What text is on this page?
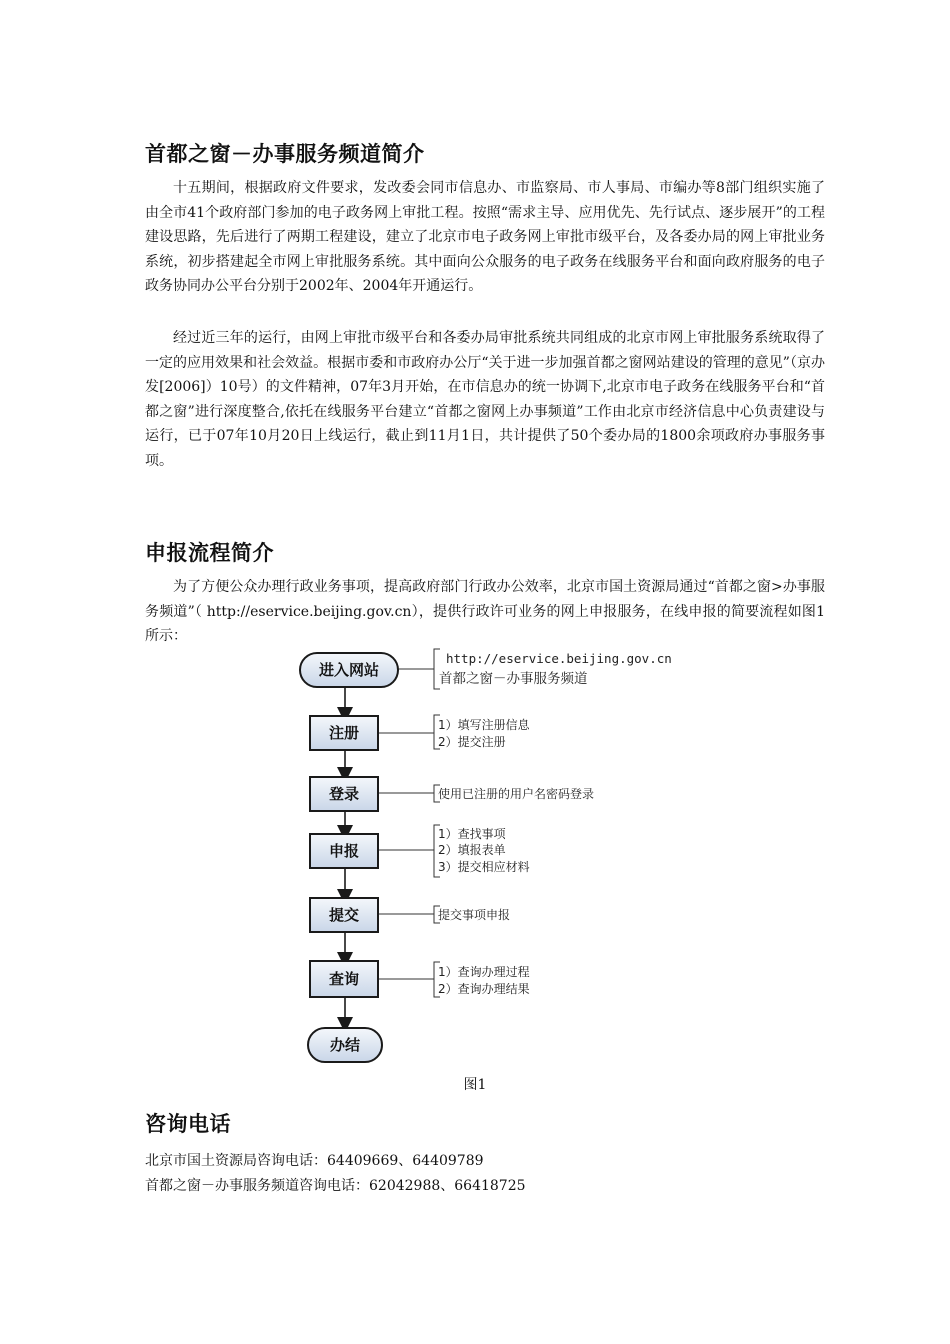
首都之窗－办事服务频道简介

十五期间，根据政府文件要求，发改委会同市信息办、市监察局、市人事局、市编办等8部门组织实施了由全市41个政府部门参加的电子政务网上审批工程。按照“需求主导、应用优先、先行试点、逐步展开”的工程建设思路，先后进行了两期工程建设，建立了北京市电子政务网上审批市级平台，及各委办局的网上审批业务系统，初步搭建起全市网上审批服务系统。其中面向公众服务的电子政务在线服务平台和面向政府服务的电子政务协同办公平台分别于2002年、2004年开通运行。

经过近三年的运行，由网上审批市级平台和各委办局审批系统共同组成的北京市网上审批服务系统取得了一定的应用效果和社会效益。根据市委和市政府办公厅“关于进一步加强首都之窗网站建设的管理的意见”（京办发[2006]）10号）的文件精神，07年3月开始，在市信息办的统一协调下,北京市电子政务在线服务平台和“首都之窗”进行深度整合,依托在线服务平台建立“首都之窗网上办事频道”工作由北京市经济信息中心负责建设与运行，已于07年10月20日上线运行，截止到11月1日，共计提供了50个委办局的1800余项政府办事服务事项。

申报流程简介

为了方便公众办理行政业务事项，提高政府部门行政办公效率，北京市国土资源局通过“首都之窗>办事服务频道”（ http://eservice.beijing.gov.cn），提供行政许可业务的网上申报服务，在线申报的简要流程如图1所示：

进入网站
注册
登录
申报
提交
查询
办结
http://eservice.beijing.gov.cn
首都之窗－办事服务频道
1）填写注册信息
2）提交注册
使用已注册的用户名密码登录
1）查找事项
2）填报表单
3）提交相应材料
提交事项申报
1）查询办理过程
2）查询办理结果
图1
咨询电话

北京市国土资源局咨询电话：64409669、64409789

首都之窗－办事服务频道咨询电话：62042988、66418725
